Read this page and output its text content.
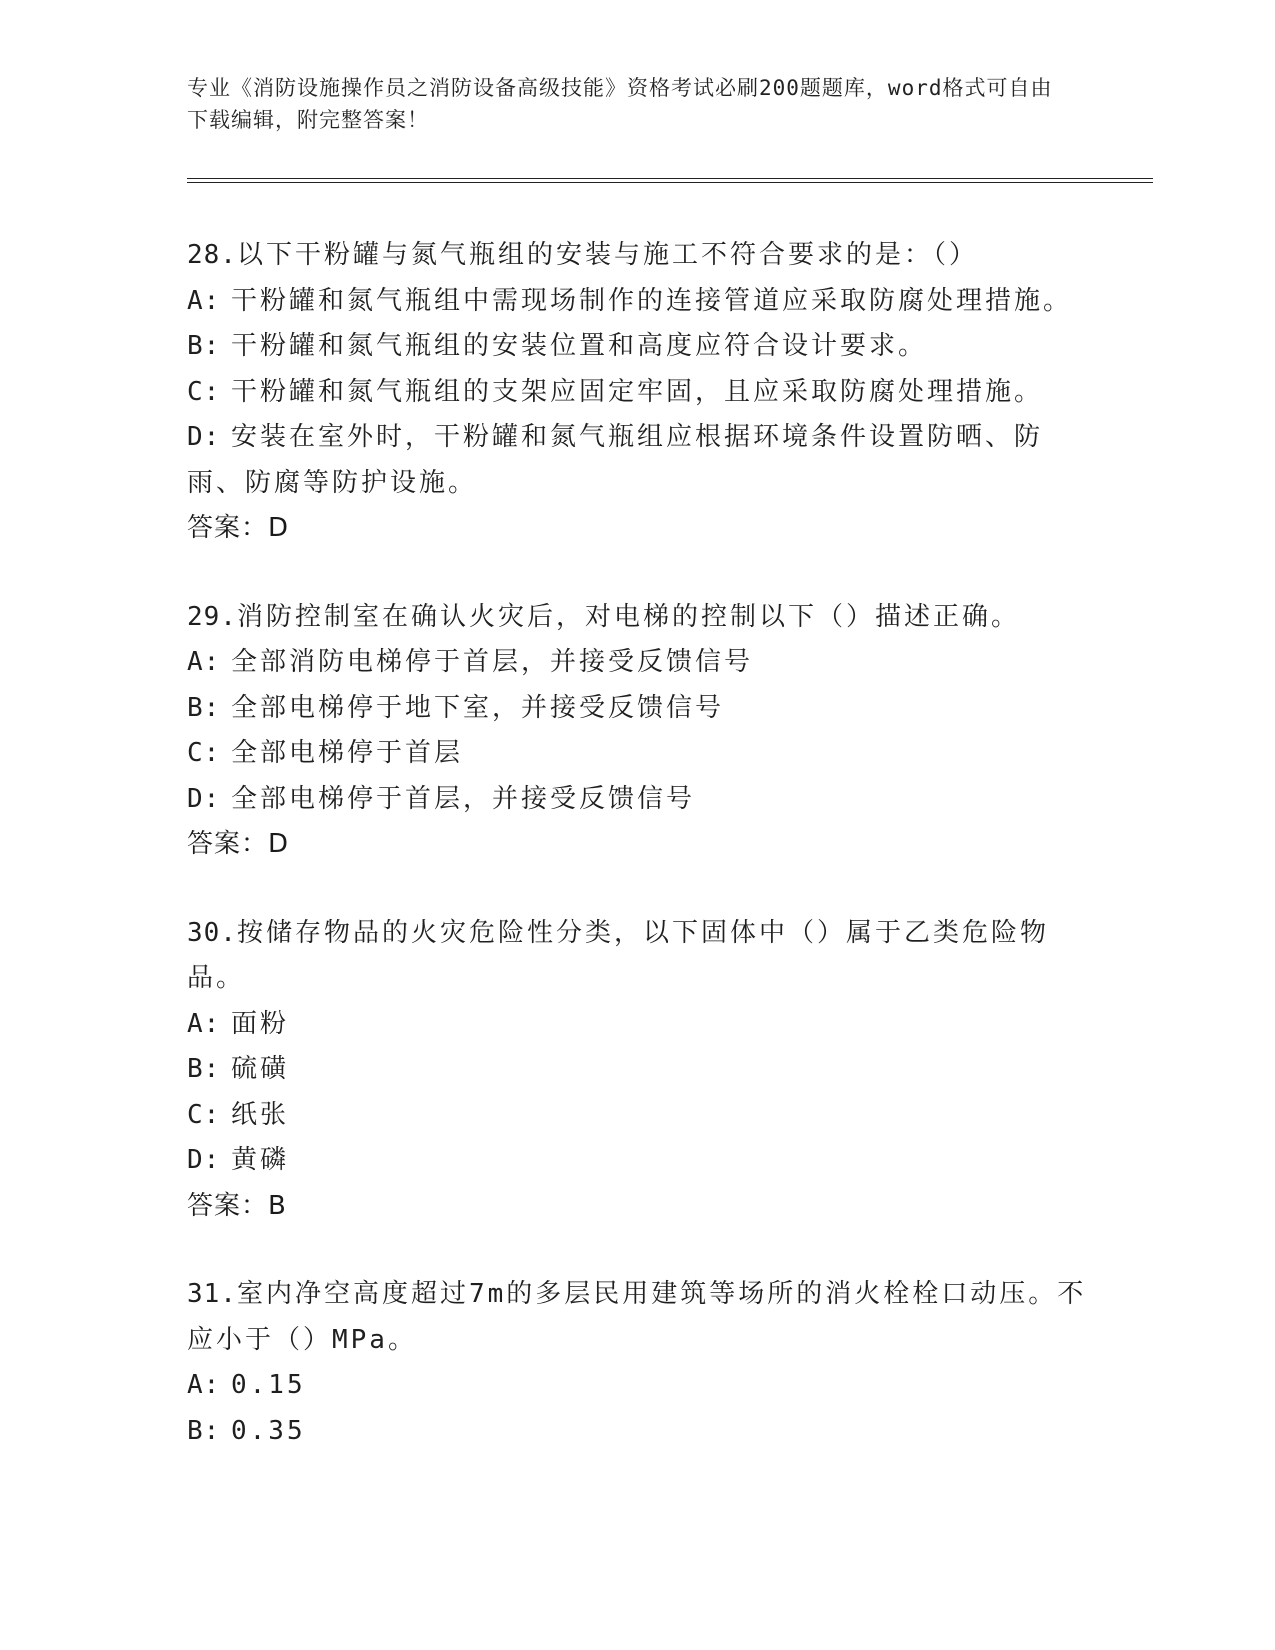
专业《消防设施操作员之消防设备高级技能》资格考试必刷200题题库，word格式可自由下载编辑，附完整答案！
28.以下干粉罐与氮气瓶组的安装与施工不符合要求的是：（）
A: 干粉罐和氮气瓶组中需现场制作的连接管道应采取防腐处理措施。
B: 干粉罐和氮气瓶组的安装位置和高度应符合设计要求。
C: 干粉罐和氮气瓶组的支架应固定牢固，且应采取防腐处理措施。
D: 安装在室外时，干粉罐和氮气瓶组应根据环境条件设置防晒、防雨、防腐等防护设施。
答案：D
29.消防控制室在确认火灾后，对电梯的控制以下（）描述正确。
A: 全部消防电梯停于首层，并接受反馈信号
B: 全部电梯停于地下室，并接受反馈信号
C: 全部电梯停于首层
D: 全部电梯停于首层，并接受反馈信号
答案：D
30.按储存物品的火灾危险性分类，以下固体中（）属于乙类危险物品。
A: 面粉
B: 硫磺
C: 纸张
D: 黄磷
答案：B
31.室内净空高度超过7m的多层民用建筑等场所的消火栓栓口动压。不应小于（）MPa。
A: 0.15
B: 0.35
